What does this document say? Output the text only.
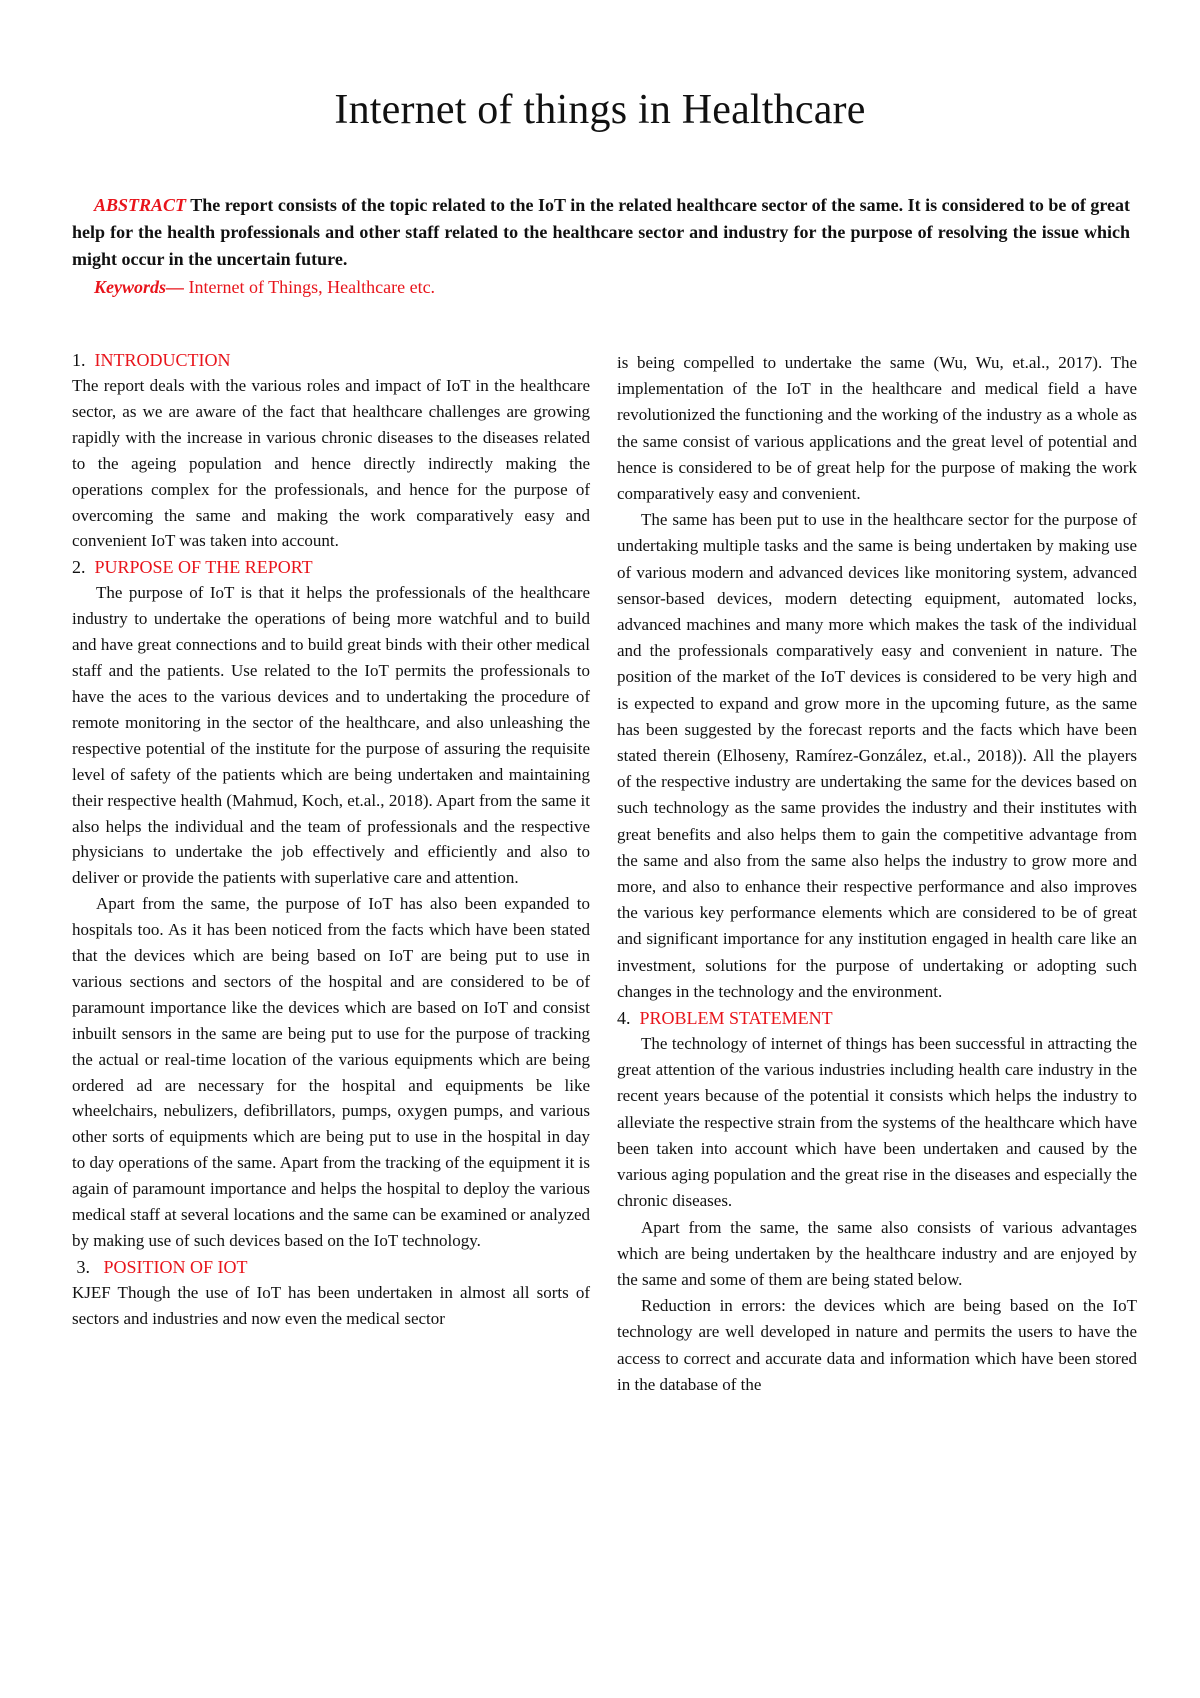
Internet of things in Healthcare

ABSTRACT The report consists of the topic related to the IoT in the related healthcare sector of the same. It is considered to be of great help for the health professionals and other staff related to the healthcare sector and industry for the purpose of resolving the issue which might occur in the uncertain future.

Keywords— Internet of Things, Healthcare etc.

1. INTRODUCTION

The report deals with the various roles and impact of IoT in the healthcare sector, as we are aware of the fact that healthcare challenges are growing rapidly with the increase in various chronic diseases to the diseases related to the ageing population and hence directly indirectly making the operations complex for the professionals, and hence for the purpose of overcoming the same and making the work comparatively easy and convenient IoT was taken into account.

2. PURPOSE OF THE REPORT

The purpose of IoT is that it helps the professionals of the healthcare industry to undertake the operations of being more watchful and to build and have great connections and to build great binds with their other medical staff and the patients. Use related to the IoT permits the professionals to have the aces to the various devices and to undertaking the procedure of remote monitoring in the sector of the healthcare, and also unleashing the respective potential of the institute for the purpose of assuring the requisite level of safety of the patients which are being undertaken and maintaining their respective health (Mahmud, Koch, et.al., 2018). Apart from the same it also helps the individual and the team of professionals and the respective physicians to undertake the job effectively and efficiently and also to deliver or provide the patients with superlative care and attention.

Apart from the same, the purpose of IoT has also been expanded to hospitals too. As it has been noticed from the facts which have been stated that the devices which are being based on IoT are being put to use in various sections and sectors of the hospital and are considered to be of paramount importance like the devices which are based on IoT and consist inbuilt sensors in the same are being put to use for the purpose of tracking the actual or real-time location of the various equipments which are being ordered ad are necessary for the hospital and equipments be like wheelchairs, nebulizers, defibrillators, pumps, oxygen pumps, and various other sorts of equipments which are being put to use in the hospital in day to day operations of the same. Apart from the tracking of the equipment it is again of paramount importance and helps the hospital to deploy the various medical staff at several locations and the same can be examined or analyzed by making use of such devices based on the IoT technology.

3. POSITION OF IOT

KJEF Though the use of IoT has been undertaken in almost all sorts of sectors and industries and now even the medical sector

is being compelled to undertake the same (Wu, Wu, et.al., 2017). The implementation of the IoT in the healthcare and medical field a have revolutionized the functioning and the working of the industry as a whole as the same consist of various applications and the great level of potential and hence is considered to be of great help for the purpose of making the work comparatively easy and convenient.

The same has been put to use in the healthcare sector for the purpose of undertaking multiple tasks and the same is being undertaken by making use of various modern and advanced devices like monitoring system, advanced sensor-based devices, modern detecting equipment, automated locks, advanced machines and many more which makes the task of the individual and the professionals comparatively easy and convenient in nature. The position of the market of the IoT devices is considered to be very high and is expected to expand and grow more in the upcoming future, as the same has been suggested by the forecast reports and the facts which have been stated therein (Elhoseny, Ramírez-González, et.al., 2018)). All the players of the respective industry are undertaking the same for the devices based on such technology as the same provides the industry and their institutes with great benefits and also helps them to gain the competitive advantage from the same and also from the same also helps the industry to grow more and more, and also to enhance their respective performance and also improves the various key performance elements which are considered to be of great and significant importance for any institution engaged in health care like an investment, solutions for the purpose of undertaking or adopting such changes in the technology and the environment.

4. PROBLEM STATEMENT

The technology of internet of things has been successful in attracting the great attention of the various industries including health care industry in the recent years because of the potential it consists which helps the industry to alleviate the respective strain from the systems of the healthcare which have been taken into account which have been undertaken and caused by the various aging population and the great rise in the diseases and especially the chronic diseases.

Apart from the same, the same also consists of various advantages which are being undertaken by the healthcare industry and are enjoyed by the same and some of them are being stated below.

Reduction in errors: the devices which are being based on the IoT technology are well developed in nature and permits the users to have the access to correct and accurate data and information which have been stored in the database of the
